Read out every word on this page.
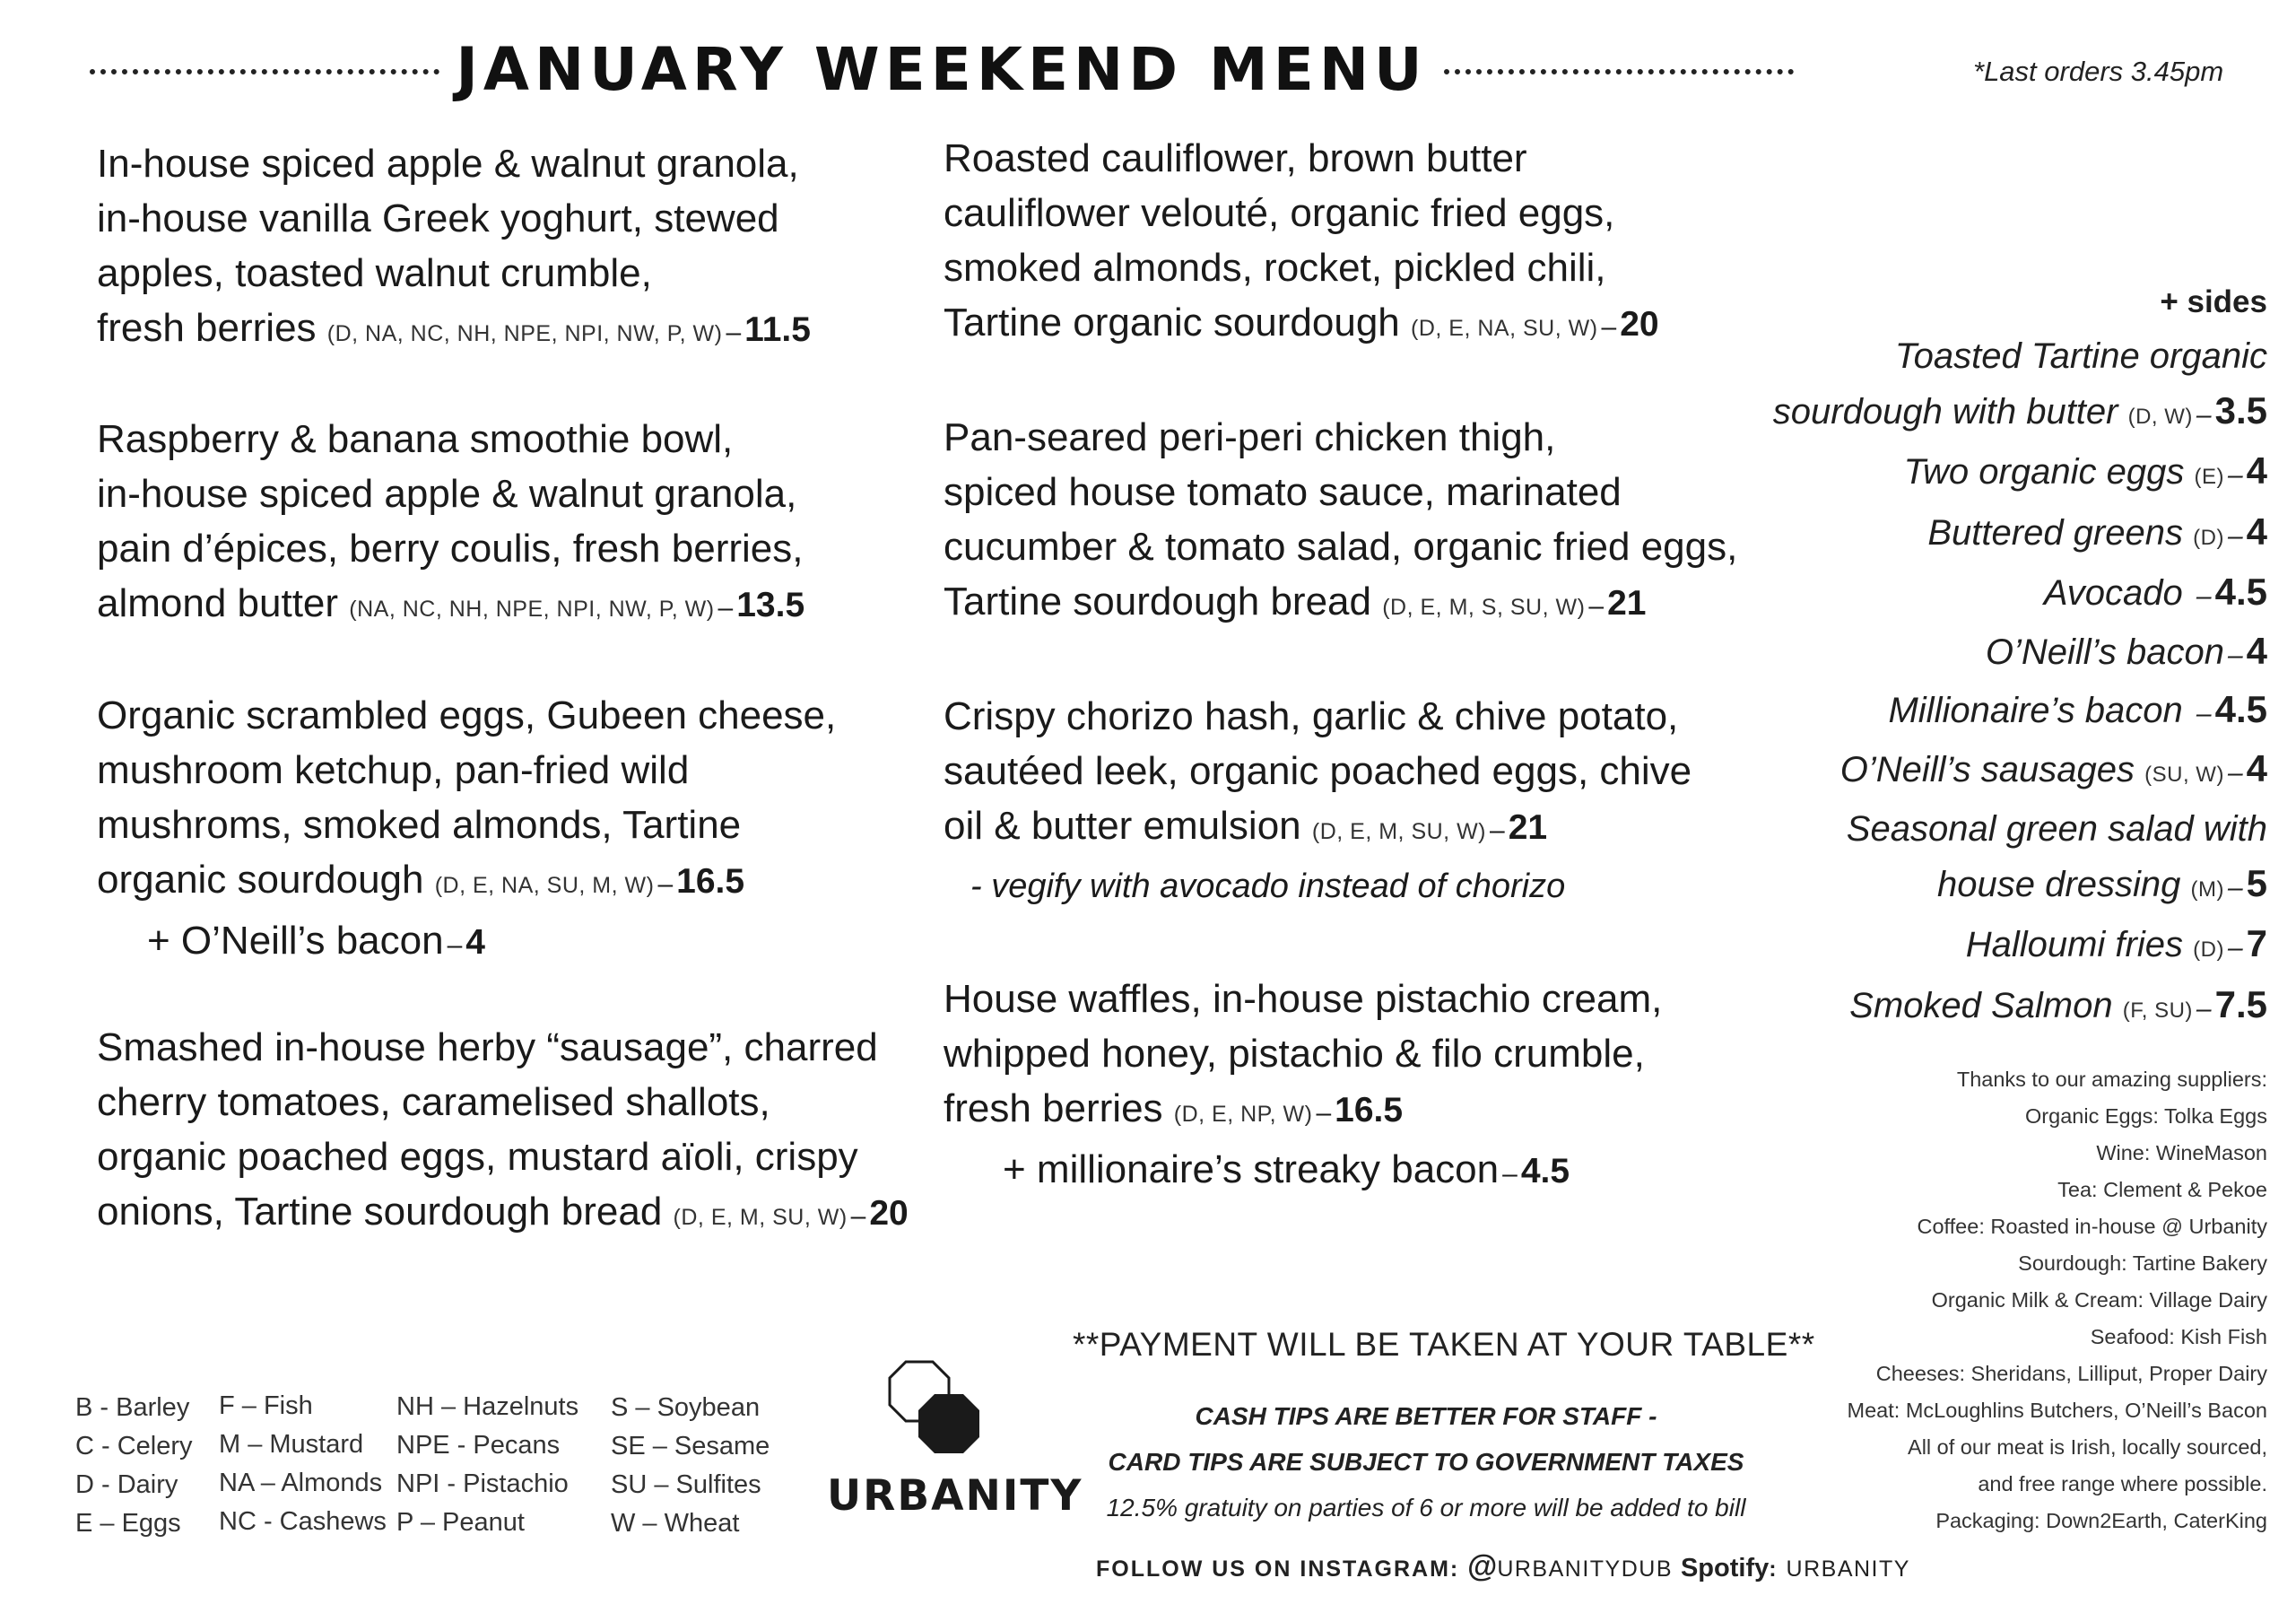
JANUARY WEEKEND MENU	*Last orders 3.45pm
In-house spiced apple & walnut granola,
in-house vanilla Greek yoghurt, stewed
apples, toasted walnut crumble,
fresh berries (D, NA, NC, NH, NPE, NPI, NW, P, W) – 11.5
Raspberry & banana smoothie bowl,
in-house spiced apple & walnut granola,
pain d’épices, berry coulis, fresh berries,
almond butter (NA, NC, NH, NPE, NPI, NW, P, W) – 13.5
Organic scrambled eggs, Gubeen cheese,
mushroom ketchup, pan-fried wild
mushroms, smoked almonds, Tartine
organic sourdough (D, E, NA, SU, M, W) – 16.5
+ O’Neill’s bacon – 4
Smashed in-house herby “sausage”, charred
cherry tomatoes, caramelised shallots,
organic poached eggs, mustard aïoli, crispy
onions, Tartine sourdough bread (D, E, M, SU, W) – 20
Roasted cauliflower, brown butter
cauliflower velouté, organic fried eggs,
smoked almonds, rocket, pickled chili,
Tartine organic sourdough (D, E, NA, SU, W) – 20
Pan-seared peri-peri chicken thigh,
spiced house tomato sauce, marinated
cucumber & tomato salad, organic fried eggs,
Tartine sourdough bread (D, E, M, S, SU, W) – 21
Crispy chorizo hash, garlic & chive potato,
sautéed leek, organic poached eggs, chive
oil & butter emulsion (D, E, M, SU, W) – 21
- vegify with avocado instead of chorizo
House waffles, in-house pistachio cream,
whipped honey, pistachio & filo crumble,
fresh berries (D, E, NP, W) – 16.5
+ millionaire’s streaky bacon – 4.5
+ sides
Toasted Tartine organic
sourdough with butter (D, W) –3.5
Two organic eggs (E) –4
Buttered greens (D) –4
Avocado –4.5
O’Neill’s bacon –4
Millionaire’s bacon –4.5
O’Neill’s sausages (SU, W) –4
Seasonal green salad with
house dressing (M) –5
Halloumi fries (D) –7
Smoked Salmon (F, SU) –7.5
Thanks to our amazing suppliers:
Organic Eggs: Tolka Eggs
Wine: WineMason
Tea: Clement & Pekoe
Coffee: Roasted in-house @ Urbanity
Sourdough: Tartine Bakery
Organic Milk & Cream: Village Dairy
Seafood: Kish Fish
Cheeses: Sheridans, Lilliput, Proper Dairy
Meat: McLoughlins Butchers, O’Neill’s Bacon
All of our meat is Irish, locally sourced,
and free range where possible.
Packaging: Down2Earth, CaterKing
B - Barley
C - Celery
D - Dairy
E – Eggs
F – Fish
M – Mustard
NA – Almonds
NC - Cashews
NH – Hazelnuts
NPE - Pecans
NPI - Pistachio
P – Peanut
S – Soybean
SE – Sesame
SU – Sulfites
W – Wheat
URBANITY
**PAYMENT WILL BE TAKEN AT YOUR TABLE**
CASH TIPS ARE BETTER FOR STAFF -
CARD TIPS ARE SUBJECT TO GOVERNMENT TAXES
12.5% gratuity on parties of 6 or more will be added to bill
FOLLOW US ON INSTAGRAM: @URBANITYDUB Spotify: URBANITY
